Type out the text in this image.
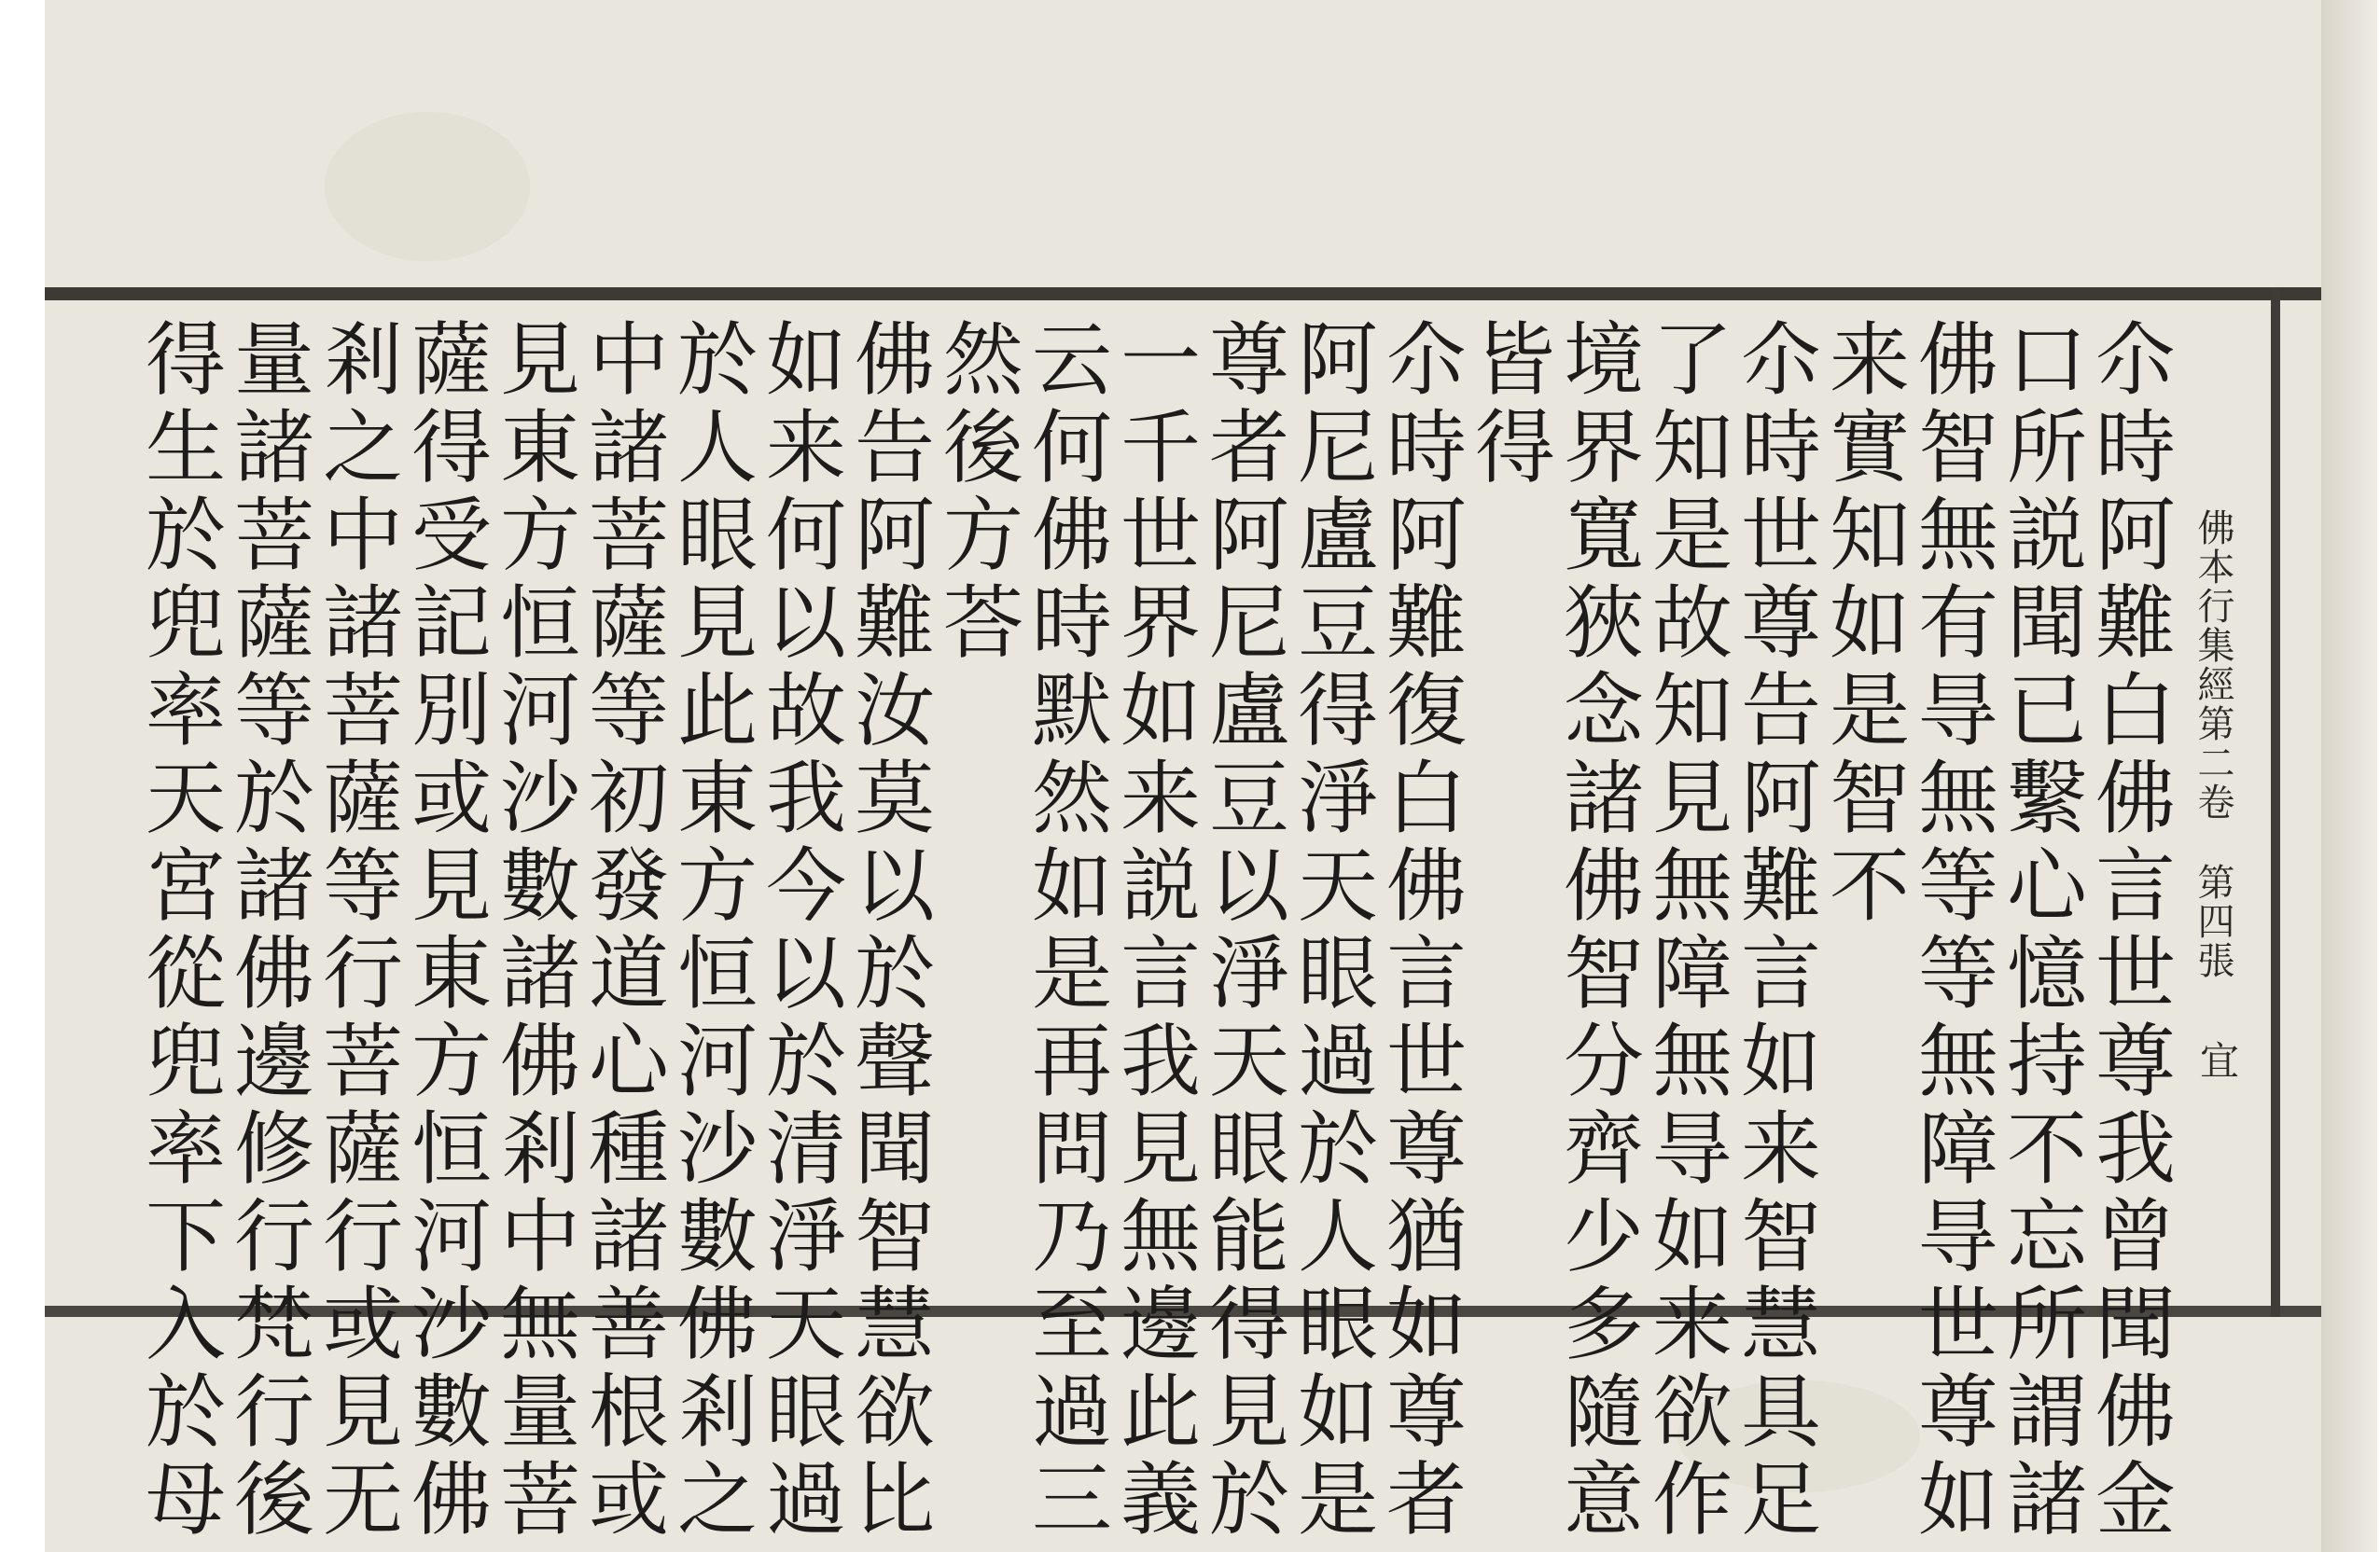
佛本行集經第二卷
第四張
宜
尒時阿難白佛言世尊我曾聞佛金
口所説聞已繫心憶持不忘所謂諸
佛智無有㝵無等等無障㝵世尊如
来實知如是智不
尒時世尊告阿難言如来智慧具足
了知是故知見無障無㝵如来欲作
境界寬狹念諸佛智分齊少多隨意
皆得
尒時阿難復白佛言世尊猶如尊者
阿尼盧豆得淨天眼過於人眼如是
尊者阿尼盧豆以淨天眼能得見於
一千世界如来説言我見無邊此義
云何佛時默然如是再問乃至過三
然後方荅
佛告阿難汝莫以於聲聞智慧欲比
如来何以故我今以於清淨天眼過
於人眼見此東方恒河沙數佛剎之
中諸菩薩等初發道心種諸善根或
見東方恒河沙數諸佛剎中無量菩
薩得受記別或見東方恒河沙數佛
剎之中諸菩薩等行菩薩行或見无
量諸菩薩等於諸佛邊修行梵行後
得生於兜率天宮從兜率下入於母
